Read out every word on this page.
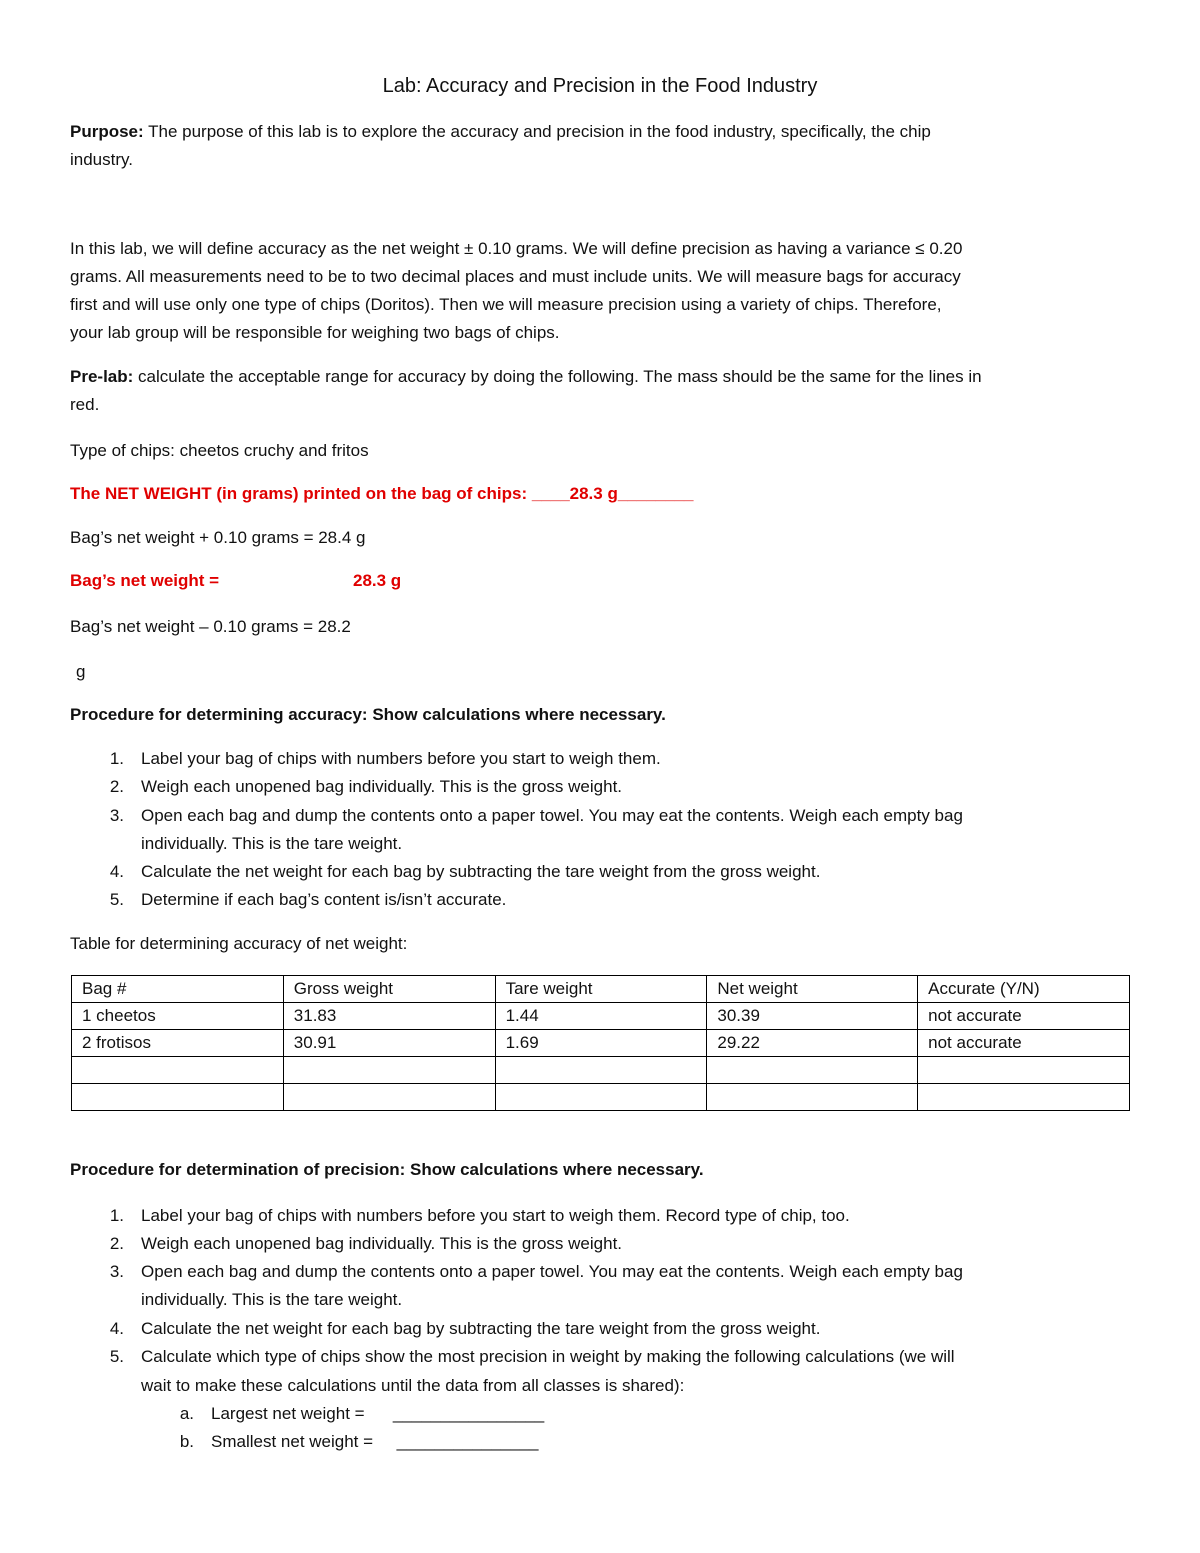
Lab: Accuracy and Precision in the Food Industry
Purpose: The purpose of this lab is to explore the accuracy and precision in the food industry, specifically, the chip
industry.
In this lab, we will define accuracy as the net weight ± 0.10 grams. We will define precision as having a variance ≤ 0.20
grams. All measurements need to be to two decimal places and must include units. We will measure bags for accuracy
first and will use only one type of chips (Doritos). Then we will measure precision using a variety of chips. Therefore,
your lab group will be responsible for weighing two bags of chips.
Pre-lab: calculate the acceptable range for accuracy by doing the following. The mass should be the same for the lines in
red.
Type of chips: cheetos cruchy and fritos
The NET WEIGHT (in grams) printed on the bag of chips: ____28.3 g________
Bag’s net weight + 0.10 grams = 28.4 g
Bag’s net weight =	28.3 g
Bag’s net weight – 0.10 grams = 28.2
g
Procedure for determining accuracy: Show calculations where necessary.
1. Label your bag of chips with numbers before you start to weigh them.
2. Weigh each unopened bag individually. This is the gross weight.
3. Open each bag and dump the contents onto a paper towel. You may eat the contents. Weigh each empty bag
individually. This is the tare weight.
4. Calculate the net weight for each bag by subtracting the tare weight from the gross weight.
5. Determine if each bag’s content is/isn’t accurate.
Table for determining accuracy of net weight:
Bag #	Gross weight	Tare weight	Net weight	Accurate (Y/N)
1 cheetos	31.83	1.44	30.39	not accurate
2 frotisos	30.91	1.69	29.22	not accurate

Procedure for determination of precision: Show calculations where necessary.
1. Label your bag of chips with numbers before you start to weigh them. Record type of chip, too.
2. Weigh each unopened bag individually. This is the gross weight.
3. Open each bag and dump the contents onto a paper towel. You may eat the contents. Weigh each empty bag
individually. This is the tare weight.
4. Calculate the net weight for each bag by subtracting the tare weight from the gross weight.
5. Calculate which type of chips show the most precision in weight by making the following calculations (we will
wait to make these calculations until the data from all classes is shared):
a. Largest net weight =      ________________
b. Smallest net weight =     _______________
